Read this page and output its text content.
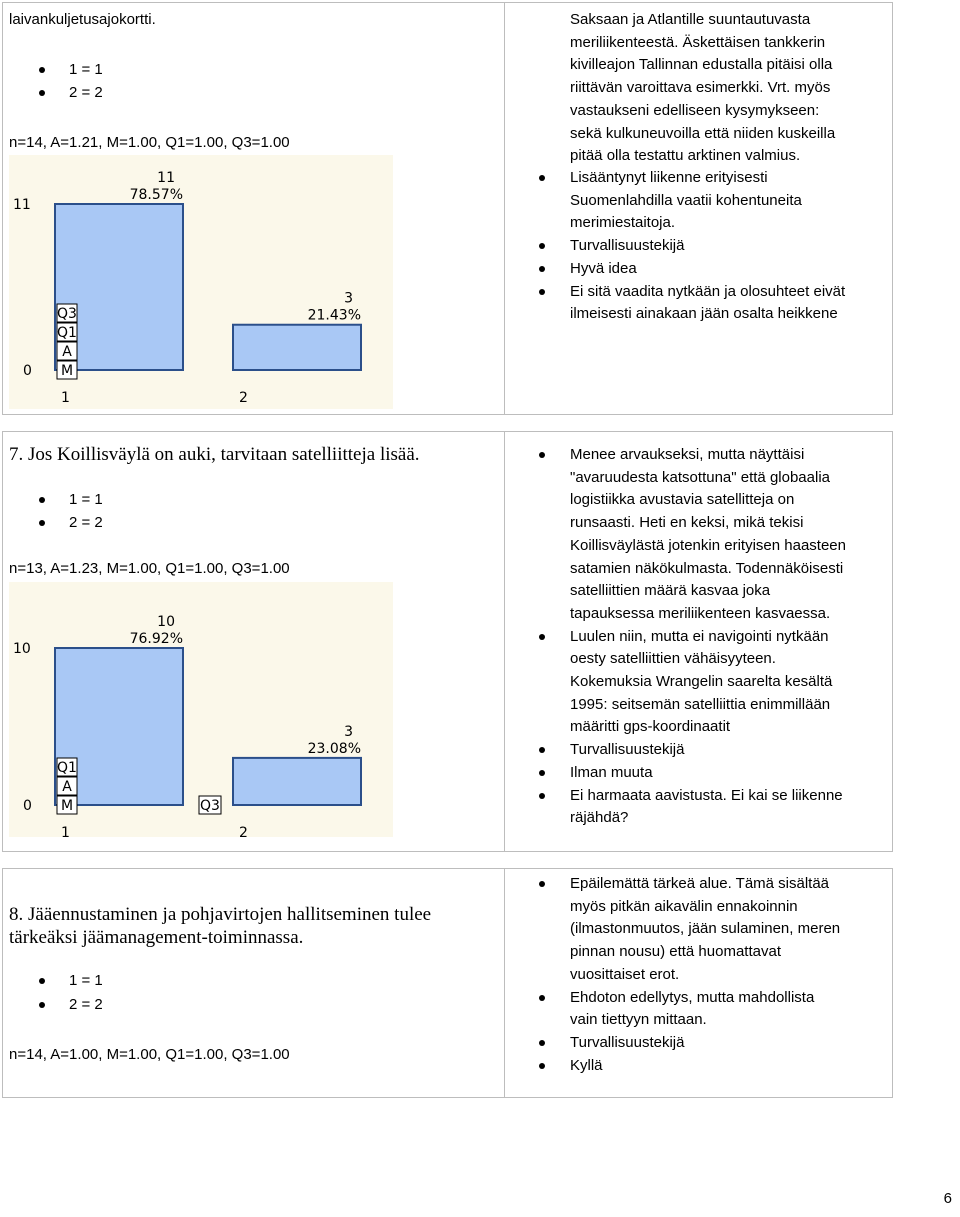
laivankuljetusajokortti.
1 = 1
2 = 2
n=14, A=1.21, M=1.00, Q1=1.00, Q3=1.00
11
0
11
78.57%
1
3
21.43%
2
Q3
Q1
A
M
Saksaan ja Atlantille suuntautuvasta
meriliikenteestä. Äskettäisen tankkerin
kivilleajon Tallinnan edustalla pitäisi olla
riittävän varoittava esimerkki. Vrt. myös
vastaukseni edelliseen kysymykseen:
sekä kulkuneuvoilla että niiden kuskeilla
pitää olla testattu arktinen valmius.
Lisääntynyt liikenne erityisesti
Suomenlahdilla vaatii kohentuneita
merimiestaitoja.
Turvallisuustekijä
Hyvä idea
Ei sitä vaadita nytkään ja olosuhteet eivät
ilmeisesti ainakaan jään osalta heikkene
7. Jos Koillisväylä on auki, tarvitaan satelliitteja lisää.
1 = 1
2 = 2
n=13, A=1.23, M=1.00, Q1=1.00, Q3=1.00
10
0
10
76.92%
1
3
23.08%
2
Q1
A
M	Q3
Menee arvaukseksi, mutta näyttäisi
"avaruudesta katsottuna" että globaalia
logistiikka avustavia satellitteja on
runsaasti. Heti en keksi, mikä tekisi
Koillisväylästä jotenkin erityisen haasteen
satamien näkökulmasta. Todennäköisesti
satelliittien määrä kasvaa joka
tapauksessa meriliikenteen kasvaessa.
Luulen niin, mutta ei navigointi nytkään
oesty satelliittien vähäisyyteen.
Kokemuksia Wrangelin saarelta kesältä
1995: seitsemän satelliittia enimmillään
määritti gps-koordinaatit
Turvallisuustekijä
Ilman muuta
Ei harmaata aavistusta. Ei kai se liikenne
räjähdä?
8. Jääennustaminen ja pohjavirtojen hallitseminen tulee
tärkeäksi jäämanagement-toiminnassa.
1 = 1
2 = 2
n=14, A=1.00, M=1.00, Q1=1.00, Q3=1.00
Epäilemättä tärkeä alue. Tämä sisältää
myös pitkän aikavälin ennakoinnin
(ilmastonmuutos, jään sulaminen, meren
pinnan nousu) että huomattavat
vuosittaiset erot.
Ehdoton edellytys, mutta mahdollista
vain tiettyyn mittaan.
Turvallisuustekijä
Kyllä
6
